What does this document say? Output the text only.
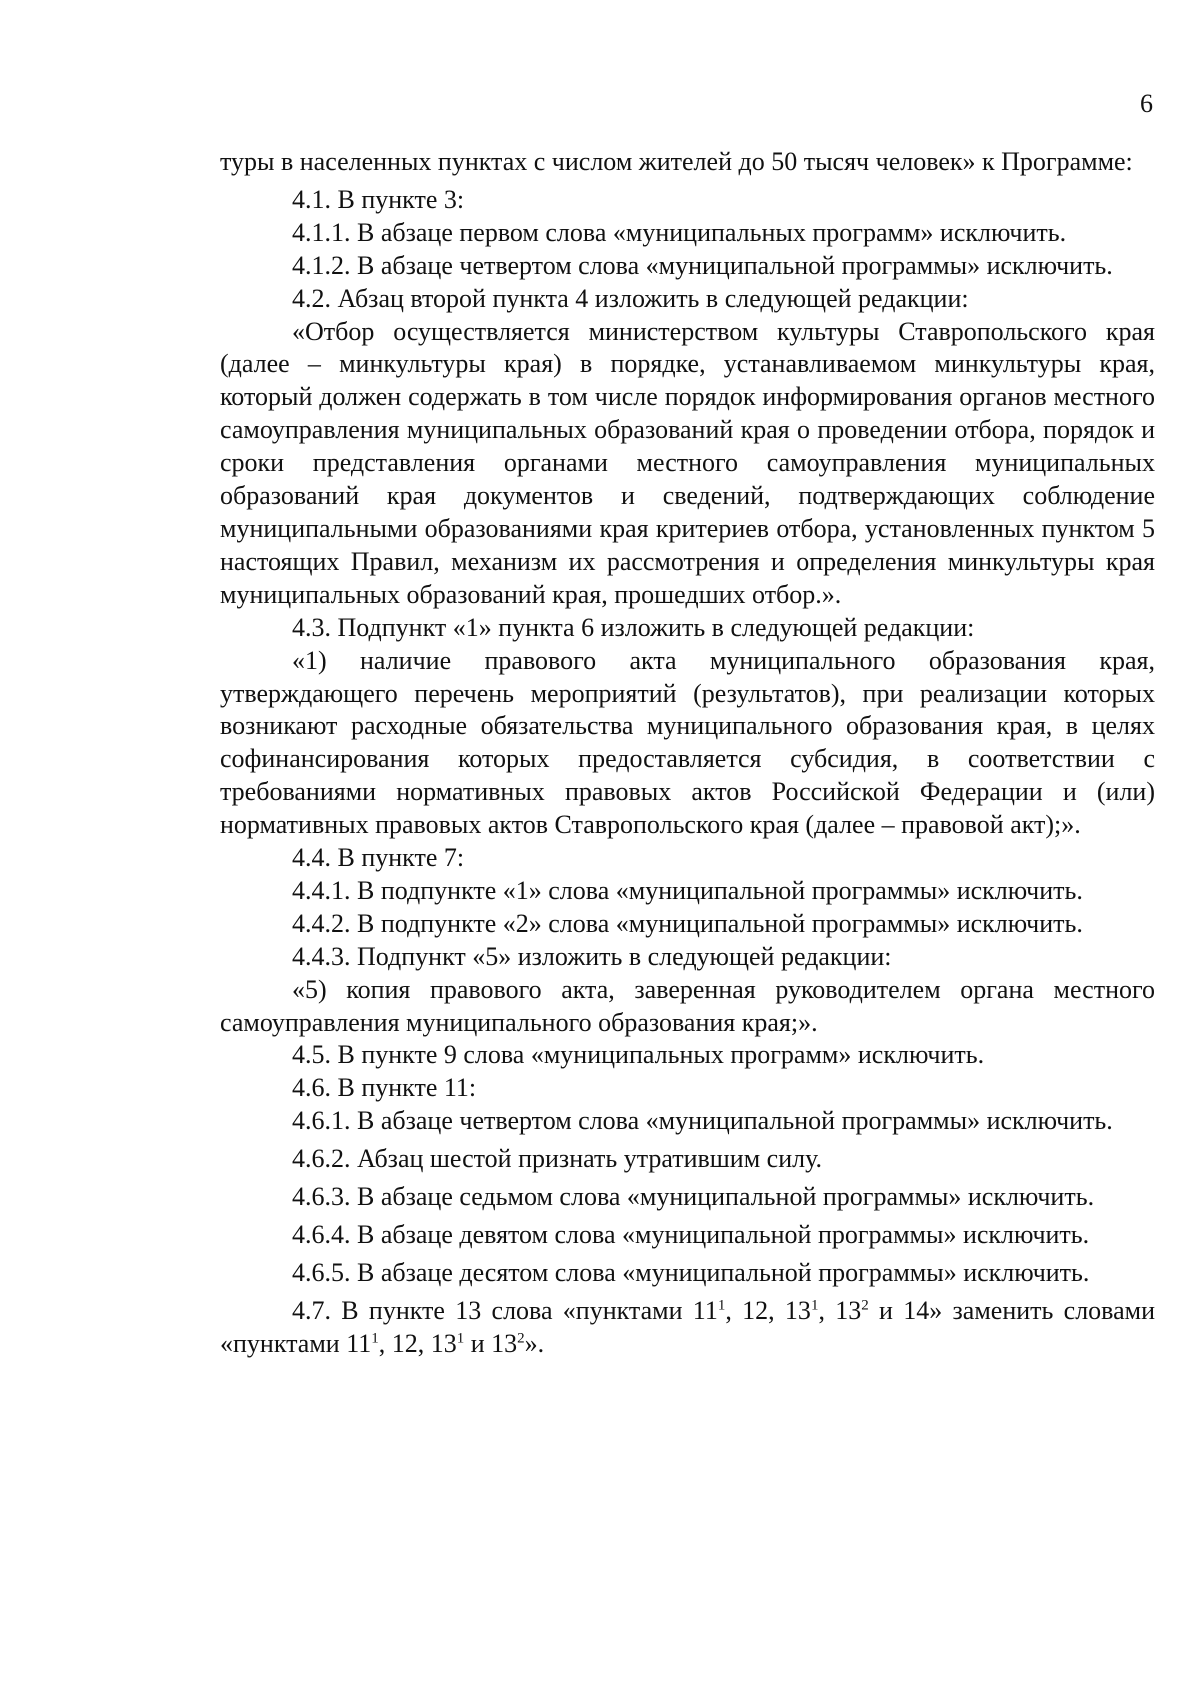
6

туры в населенных пунктах с числом жителей до 50 тысяч человек» к Программе:

4.1. В пункте 3:

4.1.1. В абзаце первом слова «муниципальных программ» исключить.

4.1.2. В абзаце четвертом слова «муниципальной программы» исключить.

4.2. Абзац второй пункта 4 изложить в следующей редакции:

«Отбор осуществляется министерством культуры Ставропольского края (далее – минкультуры края) в порядке, устанавливаемом минкультуры края, который должен содержать в том числе порядок информирования органов местного самоуправления муниципальных образований края о проведении отбора, порядок и сроки представления органами местного самоуправления муниципальных образований края документов и сведений, подтверждающих соблюдение муниципальными образованиями края критериев отбора, установленных пунктом 5 настоящих Правил, механизм их рассмотрения и определения минкультуры края муниципальных образований края, прошедших отбор.».

4.3. Подпункт «1» пункта 6 изложить в следующей редакции:

«1) наличие правового акта муниципального образования края, утверждающего перечень мероприятий (результатов), при реализации которых возникают расходные обязательства муниципального образования края, в целях софинансирования которых предоставляется субсидия, в соответствии с требованиями нормативных правовых актов Российской Федерации и (или) нормативных правовых актов Ставропольского края (далее – правовой акт);».

4.4. В пункте 7:

4.4.1. В подпункте «1» слова «муниципальной программы» исключить.

4.4.2. В подпункте «2» слова «муниципальной программы» исключить.

4.4.3. Подпункт «5» изложить в следующей редакции:

«5) копия правового акта, заверенная руководителем органа местного самоуправления муниципального образования края;».

4.5. В пункте 9 слова «муниципальных программ» исключить.

4.6. В пункте 11:

4.6.1. В абзаце четвертом слова «муниципальной программы» исключить.

4.6.2. Абзац шестой признать утратившим силу.

4.6.3. В абзаце седьмом слова «муниципальной программы» исключить.

4.6.4. В абзаце девятом слова «муниципальной программы» исключить.

4.6.5. В абзаце десятом слова «муниципальной программы» исключить.

4.7. В пункте 13 слова «пунктами $11^1$, 12, $13^1$, $13^2$ и 14» заменить словами «пунктами $11^1$, 12, $13^1$ и $13^2$».
